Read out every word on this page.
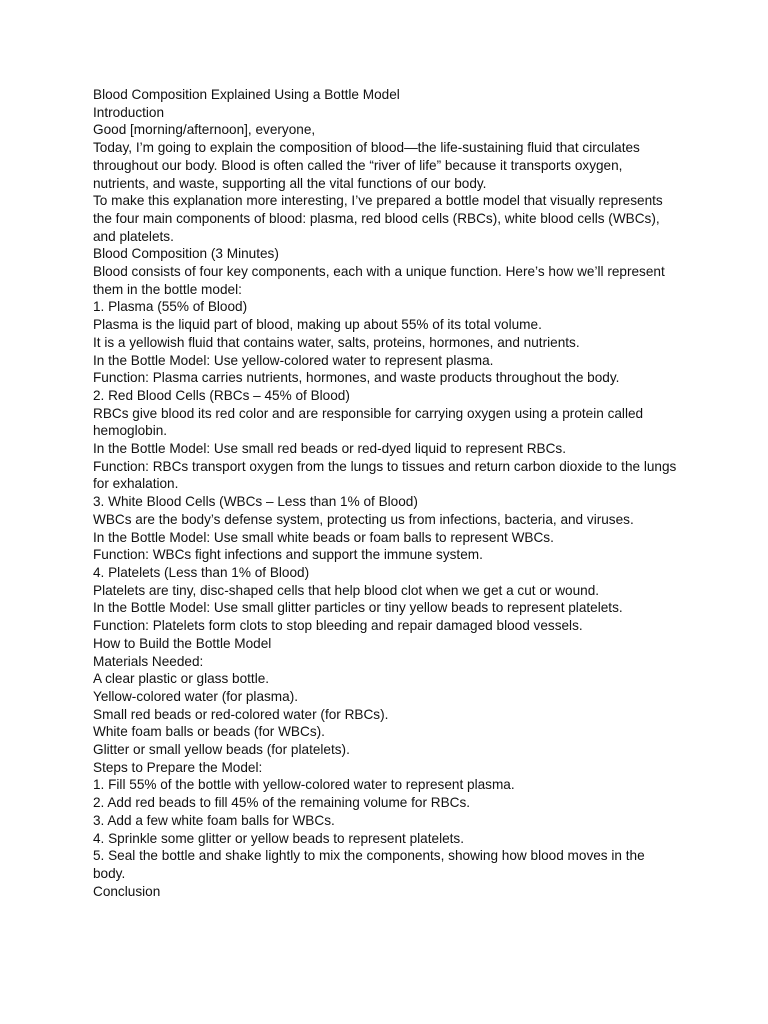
Blood Composition Explained Using a Bottle Model

Introduction

Good [morning/afternoon], everyone,

Today, I’m going to explain the composition of blood—the life-sustaining fluid that circulates throughout our body. Blood is often called the “river of life” because it transports oxygen, nutrients, and waste, supporting all the vital functions of our body.

To make this explanation more interesting, I’ve prepared a bottle model that visually represents the four main components of blood: plasma, red blood cells (RBCs), white blood cells (WBCs), and platelets.

Blood Composition (3 Minutes)

Blood consists of four key components, each with a unique function. Here’s how we’ll represent them in the bottle model:

1. Plasma (55% of Blood)

Plasma is the liquid part of blood, making up about 55% of its total volume.

It is a yellowish fluid that contains water, salts, proteins, hormones, and nutrients.

In the Bottle Model: Use yellow-colored water to represent plasma.

Function: Plasma carries nutrients, hormones, and waste products throughout the body.

2. Red Blood Cells (RBCs – 45% of Blood)

RBCs give blood its red color and are responsible for carrying oxygen using a protein called hemoglobin.

In the Bottle Model: Use small red beads or red-dyed liquid to represent RBCs.

Function: RBCs transport oxygen from the lungs to tissues and return carbon dioxide to the lungs for exhalation.

3. White Blood Cells (WBCs – Less than 1% of Blood)

WBCs are the body’s defense system, protecting us from infections, bacteria, and viruses.

In the Bottle Model: Use small white beads or foam balls to represent WBCs.

Function: WBCs fight infections and support the immune system.

4. Platelets (Less than 1% of Blood)

Platelets are tiny, disc-shaped cells that help blood clot when we get a cut or wound.

In the Bottle Model: Use small glitter particles or tiny yellow beads to represent platelets.

Function: Platelets form clots to stop bleeding and repair damaged blood vessels.

How to Build the Bottle Model

Materials Needed:

A clear plastic or glass bottle.

Yellow-colored water (for plasma).

Small red beads or red-colored water (for RBCs).

White foam balls or beads (for WBCs).

Glitter or small yellow beads (for platelets).

Steps to Prepare the Model:

1. Fill 55% of the bottle with yellow-colored water to represent plasma.

2. Add red beads to fill 45% of the remaining volume for RBCs.

3. Add a few white foam balls for WBCs.

4. Sprinkle some glitter or yellow beads to represent platelets.

5. Seal the bottle and shake lightly to mix the components, showing how blood moves in the body.

Conclusion
